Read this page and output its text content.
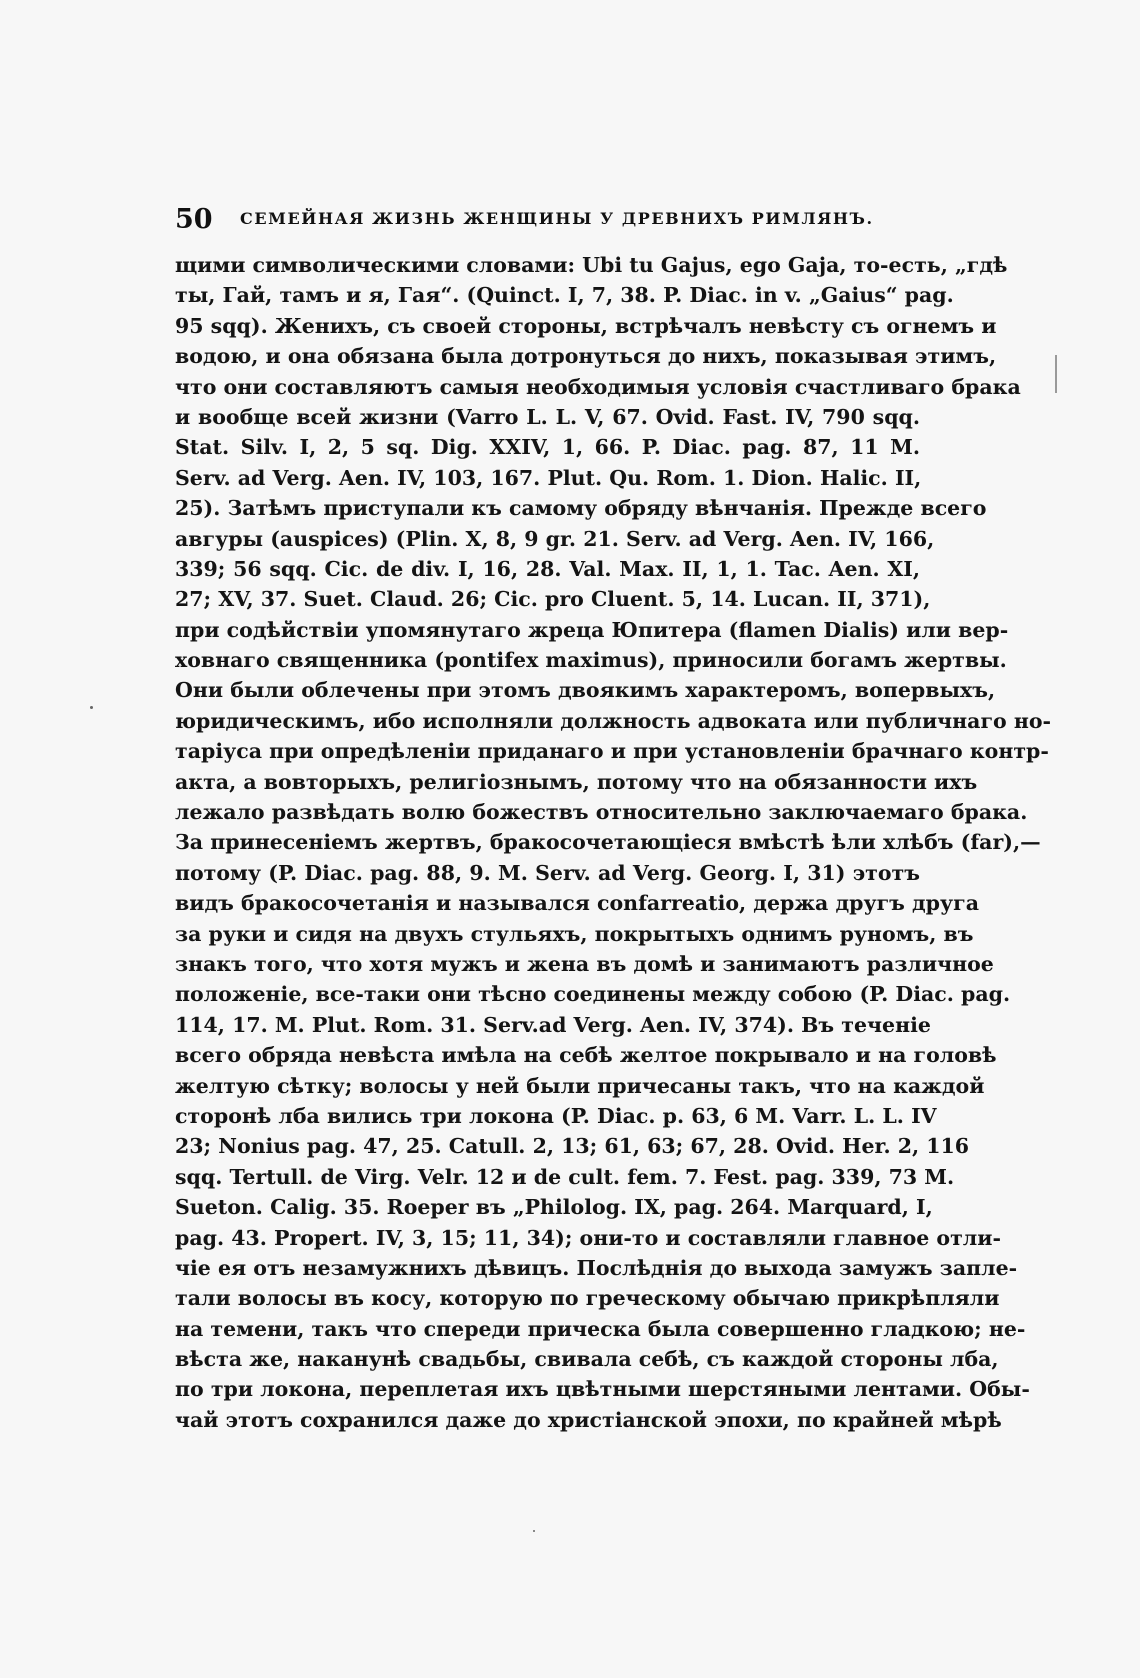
50 СЕМЕЙНАЯ ЖИЗНЬ ЖЕНЩИНЫ У ДРЕВНИХЪ РИМЛЯНЪ.
щими символическими словами: Ubi tu Gajus, ego Gaja, то-есть, „гдѣ
ты, Гай, тамъ и я, Гая“. (Quinct. I, 7, 38. P. Diac. in v. „Gaius“ pag.
95 sqq). Женихъ, съ своей стороны, встрѣчалъ невѣсту съ огнемъ и
водою, и она обязана была дотронуться до нихъ, показывая этимъ,
что они составляютъ самыя необходимыя условія счастливаго брака
и вообще всей жизни (Varro L. L. V, 67. Ovid. Fast. IV, 790 sqq.
Stat. Silv. I, 2, 5 sq. Dig. XXIV, 1, 66. P. Diac. pag. 87, 11 M.
Serv. ad Verg. Aen. IV, 103, 167. Plut. Qu. Rom. 1. Dion. Halic. II,
25). Затѣмъ приступали къ самому обряду вѣнчанія. Прежде всего
авгуры (auspices) (Plin. X, 8, 9 gr. 21. Serv. ad Verg. Aen. IV, 166,
339; 56 sqq. Cic. de div. I, 16, 28. Val. Max. II, 1, 1. Tac. Aen. XI,
27; XV, 37. Suet. Claud. 26; Cic. pro Cluent. 5, 14. Lucan. II, 371),
при содѣйствіи упомянутаго жреца Юпитера (flamen Dialis) или вер-
ховнаго священника (pontifex maximus), приносили богамъ жертвы.
Они были облечены при этомъ двоякимъ характеромъ, вопервыхъ,
юридическимъ, ибо исполняли должность адвоката или публичнаго но-
таріуса при опредѣленіи приданаго и при установленіи брачнаго контр-
акта, а вовторыхъ, религіознымъ, потому что на обязанности ихъ
лежало развѣдать волю божествъ относительно заключаемаго брака.
За принесеніемъ жертвъ, бракосочетающіеся вмѣстѣ ѣли хлѣбъ (far),—
потому (P. Diac. pag. 88, 9. M. Serv. ad Verg. Georg. I, 31) этотъ
видъ бракосочетанія и назывался confarreatio, держа другъ друга
за руки и сидя на двухъ стульяхъ, покрытыхъ однимъ руномъ, въ
знакъ того, что хотя мужъ и жена въ домѣ и занимаютъ различное
положеніе, все-таки они тѣсно соединены между собою (P. Diac. pag.
114, 17. M. Plut. Rom. 31. Serv.ad Verg. Aen. IV, 374). Въ теченіе
всего обряда невѣста имѣла на себѣ желтое покрывало и на головѣ
желтую сѣтку; волосы у ней были причесаны такъ, что на каждой
сторонѣ лба вились три локона (P. Diac. p. 63, 6 M. Varr. L. L. IV
23; Nonius pag. 47, 25. Catull. 2, 13; 61, 63; 67, 28. Ovid. Her. 2, 116
sqq. Tertull. de Virg. Velr. 12 и de cult. fem. 7. Fest. pag. 339, 73 M.
Sueton. Calig. 35. Roeper въ „Philolog. IX, pag. 264. Marquard, I,
pag. 43. Propert. IV, 3, 15; 11, 34); они-то и составляли главное отли-
чіе ея отъ незамужнихъ дѣвицъ. Послѣднія до выхода замужъ запле-
тали волосы въ косу, которую по греческому обычаю прикрѣпляли
на темени, такъ что спереди прическа была совершенно гладкою; не-
вѣста же, наканунѣ свадьбы, свивала себѣ, съ каждой стороны лба,
по три локона, переплетая ихъ цвѣтными шерстяными лентами. Обы-
чай этотъ сохранился даже до христіанской эпохи, по крайней мѣрѣ
